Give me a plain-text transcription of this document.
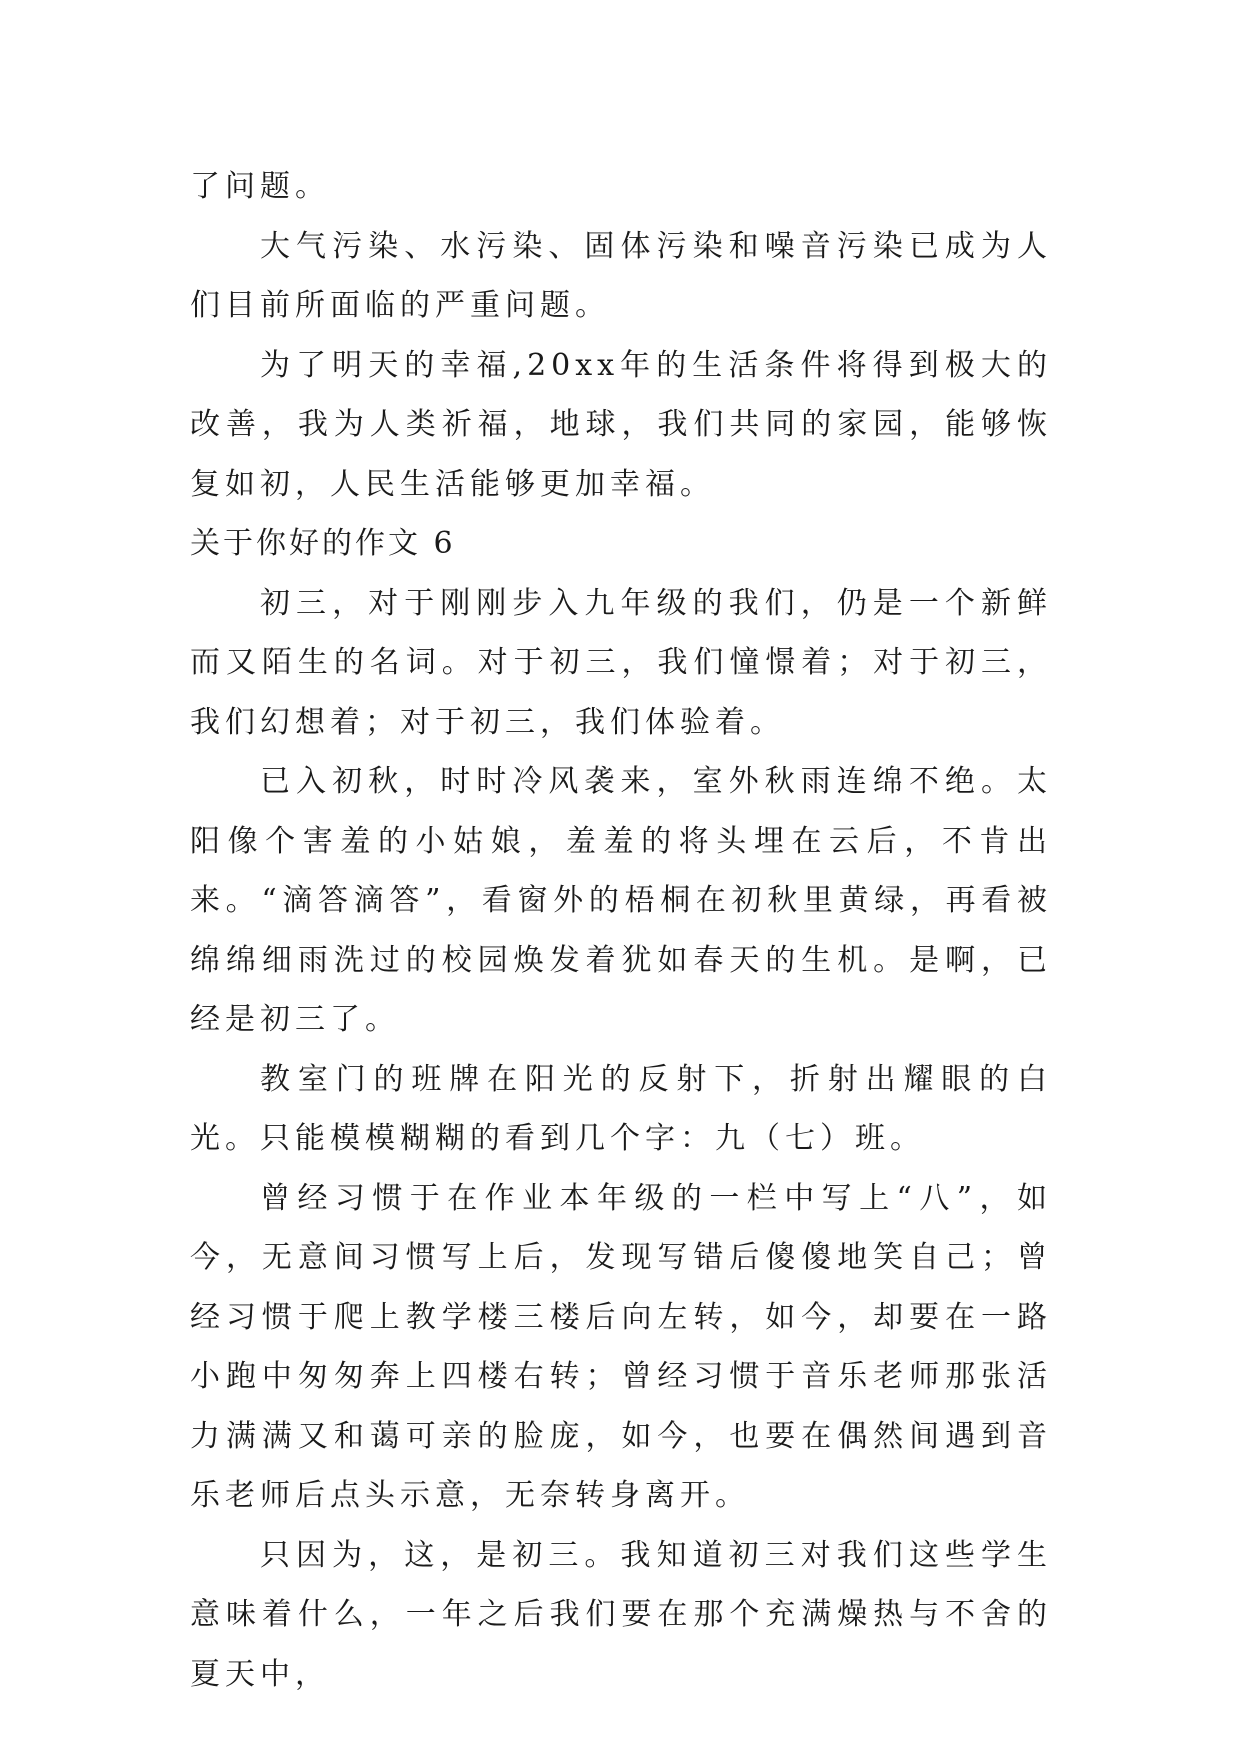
了问题。

大气污染、水污染、固体污染和噪音污染已成为人们目前所面临的严重问题。

为了明天的幸福,20xx年的生活条件将得到极大的改善，我为人类祈福，地球，我们共同的家园，能够恢复如初，人民生活能够更加幸福。

关于你好的作文 6

初三，对于刚刚步入九年级的我们，仍是一个新鲜而又陌生的名词。对于初三，我们憧憬着；对于初三，我们幻想着；对于初三，我们体验着。

已入初秋，时时冷风袭来，室外秋雨连绵不绝。太阳像个害羞的小姑娘，羞羞的将头埋在云后，不肯出来。“滴答滴答”，看窗外的梧桐在初秋里黄绿，再看被绵绵细雨洗过的校园焕发着犹如春天的生机。是啊，已经是初三了。

教室门的班牌在阳光的反射下，折射出耀眼的白光。只能模模糊糊的看到几个字：九（七）班。

曾经习惯于在作业本年级的一栏中写上“八”，如今，无意间习惯写上后，发现写错后傻傻地笑自己；曾经习惯于爬上教学楼三楼后向左转，如今，却要在一路小跑中匆匆奔上四楼右转；曾经习惯于音乐老师那张活力满满又和蔼可亲的脸庞，如今，也要在偶然间遇到音乐老师后点头示意，无奈转身离开。

只因为，这，是初三。我知道初三对我们这些学生意味着什么，一年之后我们要在那个充满燥热与不舍的夏天中，
